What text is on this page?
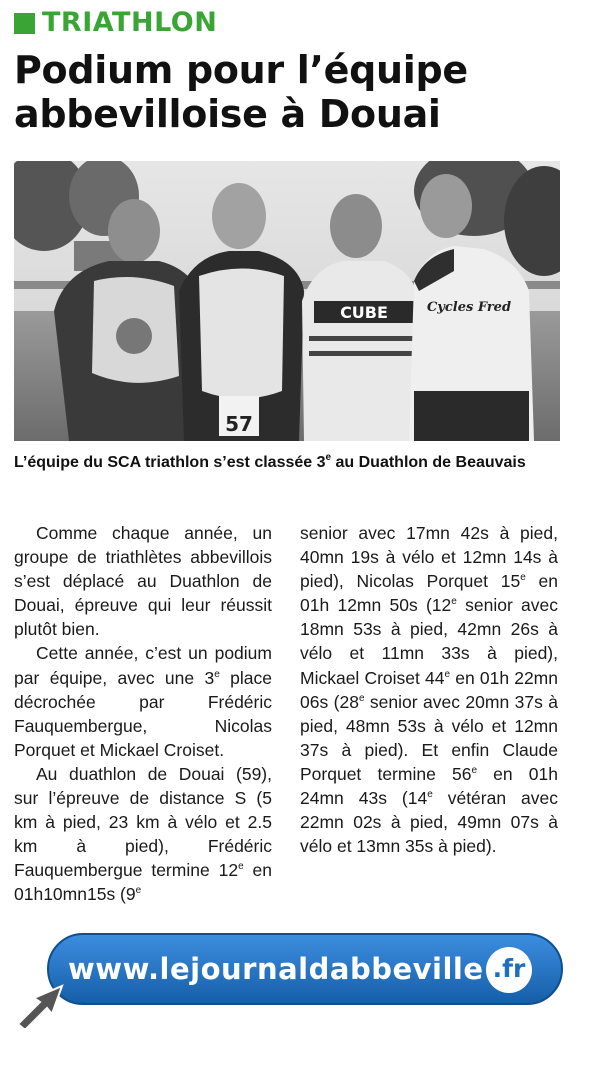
TRIATHLON
Podium pour l’équipe
abbevilloise à Douai
57
CUBE	Cycles Fred
L’équipe du SCA triathlon s’est classée 3e au Duathlon de Beauvais

Comme chaque année, un groupe de triathlètes abbevillois s’est déplacé au Duathlon de Douai, épreuve qui leur réussit plutôt bien.

Cette année, c’est un podium par équipe, avec une 3e place décrochée par Frédéric Fauquembergue, Nicolas Porquet et Mickael Croiset.

Au duathlon de Douai (59), sur l’épreuve de distance S (5 km à pied, 23 km à vélo et 2.5 km à pied), Frédéric Fauquembergue termine 12e en 01h10mn15s (9e

senior avec 17mn 42s à pied, 40mn 19s à vélo et 12mn 14s à pied), Nicolas Porquet 15e en 01h 12mn 50s (12e senior avec 18mn 53s à pied, 42mn 26s à vélo et 11mn 33s à pied), Mickael Croiset 44e en 01h 22mn 06s (28e senior avec 20mn 37s à pied, 48mn 53s à vélo et 12mn 37s à pied). Et enfin Claude Porquet termine 56e en 01h 24mn 43s (14e vétéran avec 22mn 02s à pied, 49mn 07s à vélo et 13mn 35s à pied).

www.lejournaldabbeville .fr
